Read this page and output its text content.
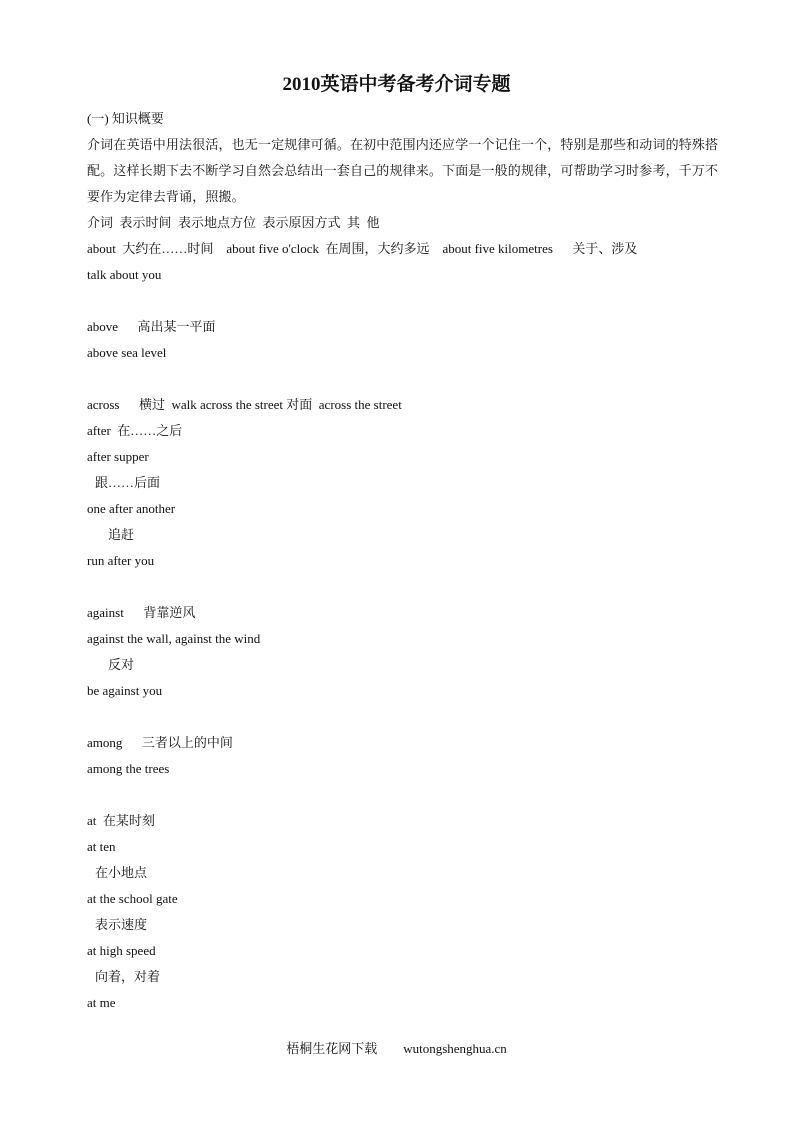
2010英语中考备考介词专题
(一) 知识概要
介词在英语中用法很活，也无一定规律可循。在初中范围内还应学一个记住一个，特别是那些和动词的特殊搭配。这样长期下去不断学习自然会总结出一套自己的规律来。下面是一般的规律，可帮助学习时参考，千万不要作为定律去背诵，照搬。
介词  表示时间  表示地点方位  表示原因方式  其  他
about  大约在……时间    about five o'clock  在周围，大约多远    about five kilometres      关于、涉及
talk about you
above      高出某一平面
above sea level
across      横过  walk across the street 对面  across the street
after  在……之后
after supper
跟……后面
one after another
追赶
run after you
against      背靠逆风
against the wall, against the wind
反对
be against you
among      三者以上的中间
among the trees
at  在某时刻
at ten
在小地点
at the school gate
表示速度
at high speed
向着，对着
at me
梧桐生花网下载        wutongshenghua.cn
